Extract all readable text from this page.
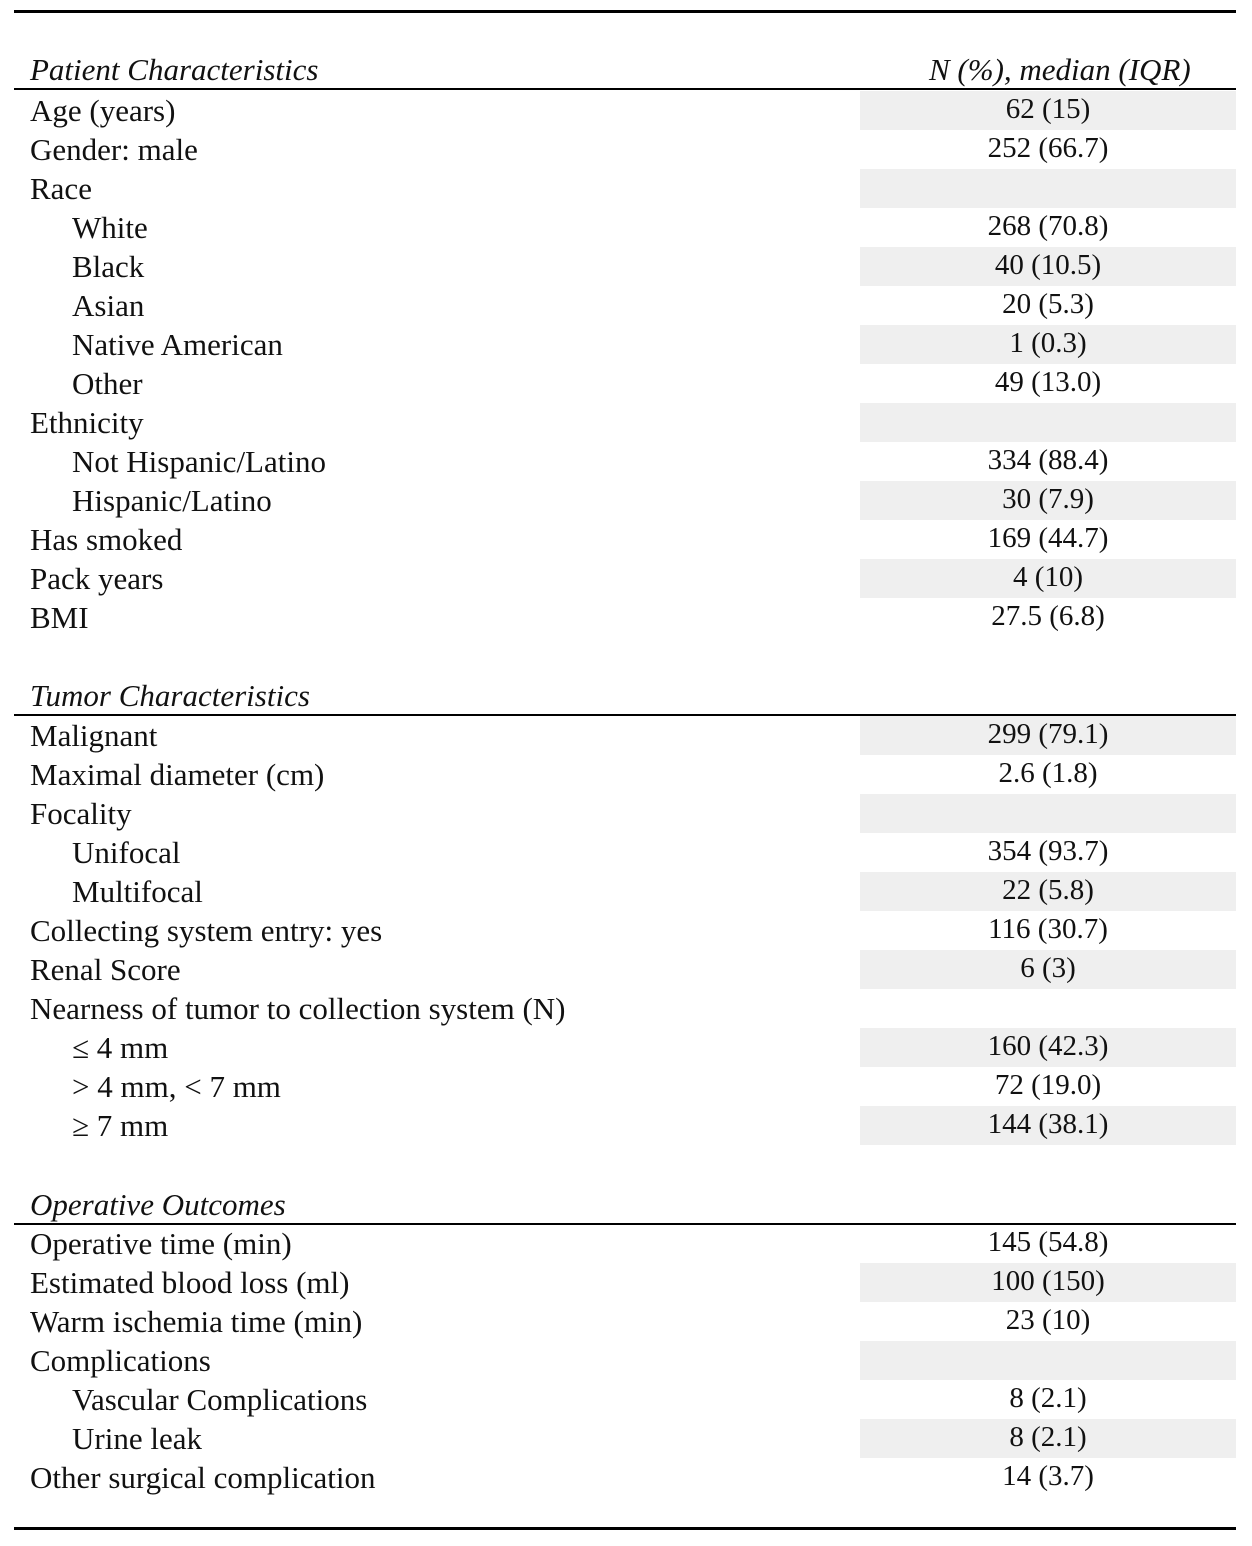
Patient Characteristics	N (%), median (IQR)
Age (years)	62 (15)
Gender: male	252 (66.7)
Race
White	268 (70.8)
Black	40 (10.5)
Asian	20 (5.3)
Native American	1 (0.3)
Other	49 (13.0)
Ethnicity
Not Hispanic/Latino	334 (88.4)
Hispanic/Latino	30 (7.9)
Has smoked	169 (44.7)
Pack years	4 (10)
BMI	27.5 (6.8)
Tumor Characteristics
Malignant	299 (79.1)
Maximal diameter (cm)	2.6 (1.8)
Focality
Unifocal	354 (93.7)
Multifocal	22 (5.8)
Collecting system entry: yes	116 (30.7)
Renal Score	6 (3)
Nearness of tumor to collection system (N)
≤ 4 mm	160 (42.3)
> 4 mm, < 7 mm	72 (19.0)
≥ 7 mm	144 (38.1)
Operative Outcomes
Operative time (min)	145 (54.8)
Estimated blood loss (ml)	100 (150)
Warm ischemia time (min)	23 (10)
Complications
Vascular Complications	8 (2.1)
Urine leak	8 (2.1)
Other surgical complication	14 (3.7)
